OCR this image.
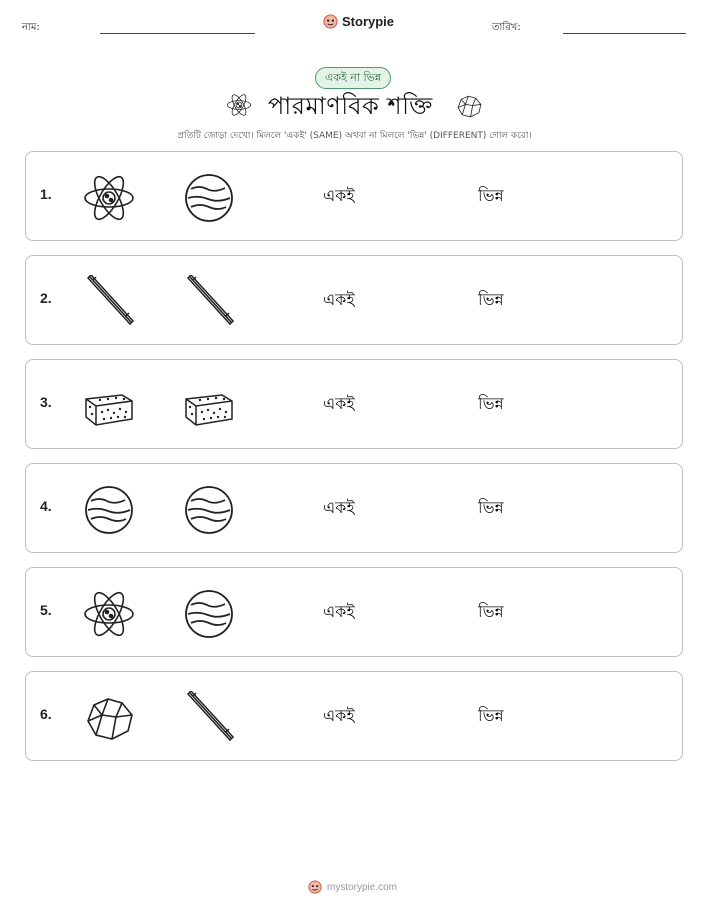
নাম:	Storypie	তারিখ:
একই না ভিন্ন
পারমাণবিক শক্তি
প্রতিটি জোড়া দেখো। মিললে 'একই' (SAME) অথবা না মিললে 'ভিন্ন' (DIFFERENT) গোল করো।
1.	একই	ভিন্ন
2.	একই	ভিন্ন
3.	একই	ভিন্ন
4.	একই	ভিন্ন
5.	একই	ভিন্ন
6.	একই	ভিন্ন
mystorypie.com
